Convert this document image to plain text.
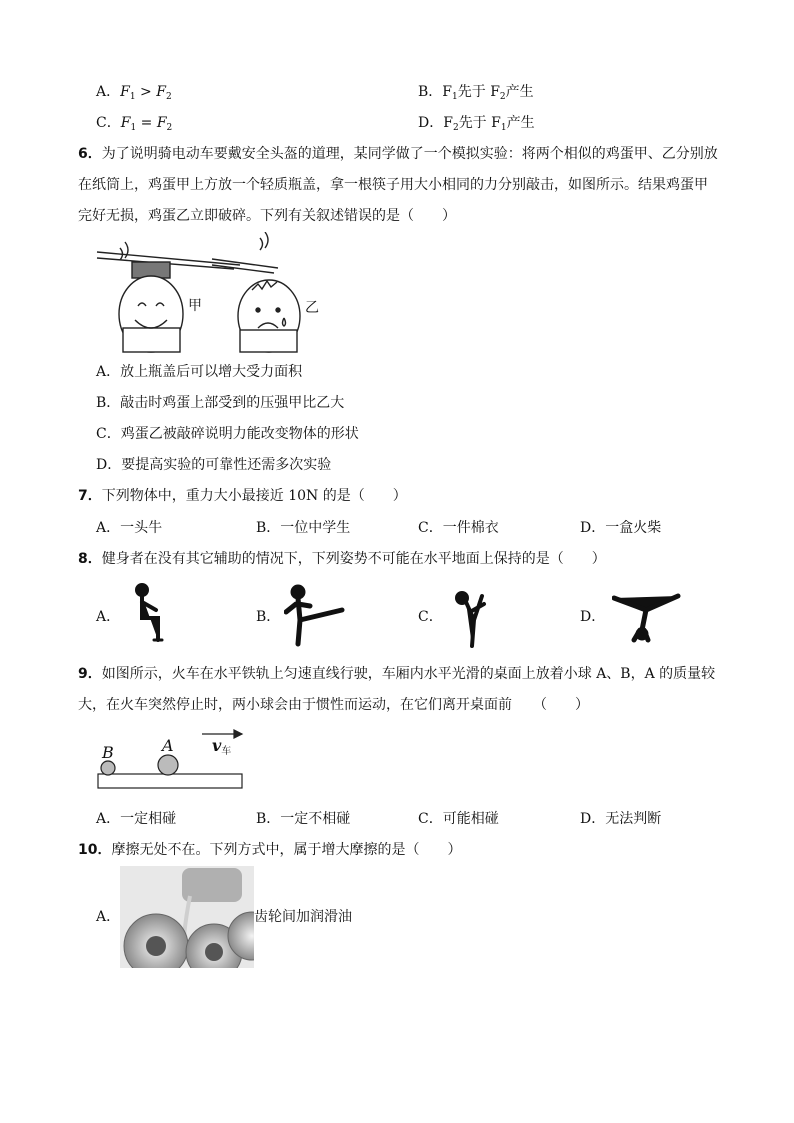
A．$F_1 > F_2$	B．$F_1$先于 $F_2$产生
C．$F_1 = F_2$	D．$F_2$先于 $F_1$产生
6．为了说明骑电动车要戴安全头盔的道理，某同学做了一个模拟实验：将两个相似的鸡蛋甲、乙分别放
在纸筒上，鸡蛋甲上方放一个轻质瓶盖，拿一根筷子用大小相同的力分别敲击，如图所示。结果鸡蛋甲
完好无损，鸡蛋乙立即破碎。下列有关叙述错误的是（　　）
甲	乙
A．放上瓶盖后可以增大受力面积
B．敲击时鸡蛋上部受到的压强甲比乙大
C．鸡蛋乙被敲碎说明力能改变物体的形状
D．要提高实验的可靠性还需多次实验
7．下列物体中，重力大小最接近 10N 的是（　　）
A．一头牛	B．一位中学生	C．一件棉衣	D．一盒火柴
8．健身者在没有其它辅助的情况下，下列姿势不可能在水平地面上保持的是（　　）
A．	B．	C．	D．
9．如图所示，火车在水平铁轨上匀速直线行驶，车厢内水平光滑的桌面上放着小球 A、B，A 的质量较
大，在火车突然停止时，两小球会由于惯性而运动，在它们离开桌面前　　（　　）
B	A $v_车$
A．一定相碰	B．一定不相碰	C．可能相碰	D．无法判断
10．摩擦无处不在。下列方式中，属于增大摩擦的是（　　）
A．	齿轮间加润滑油
